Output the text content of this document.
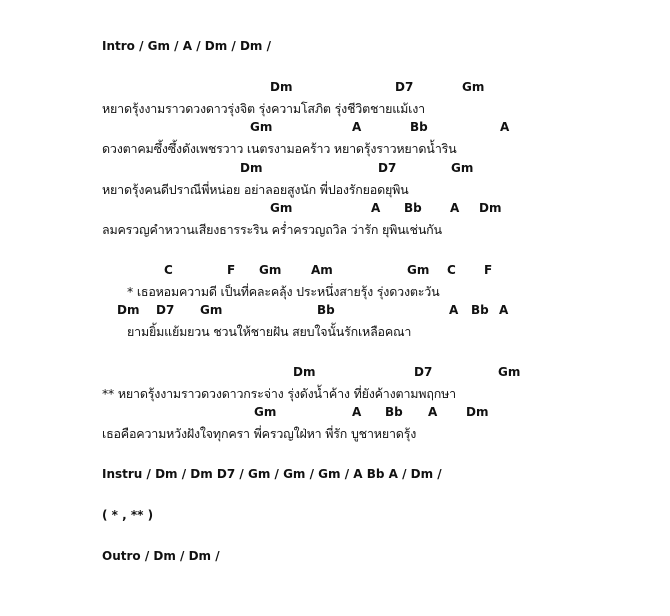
Intro / Gm / A / Dm / Dm /
Dm	D7	Gm
หยาดรุ้งงามราวดวงดาวรุ่งจิต รุ่งความโสภิต รุ่งชีวิตชายแม้เงา
Gm	A	Bb	A
ดวงตาคมซึ้งซึ้งดังเพชรวาว เนตรงามอคร้าว หยาดรุ้งราวหยาดน้ำริน
Dm	D7	Gm
หยาดรุ้งคนดีปราณีพี่หน่อย อย่าลอยสูงนัก พี่ปองรักยอดยุพิน
Gm	A Bb A Dm
ลมครวญคำหวานเสียงธารระริน คร่ำครวญถวิล ว่ารัก ยุพินเช่นกัน
C	F Gm Am	Gm C F
* เธอหอมความดี เป็นที่คละคลุ้ง ประหนึ่งสายรุ้ง รุ่งดวงตะวัน
Dm D7 Gm	Bb	A Bb A
ยามยิ้มแย้มยวน ชวนให้ชายฝัน สยบใจนั้นรักเหลือคณา
Dm	D7	Gm
** หยาดรุ้งงามราวดวงดาวกระจ่าง รุ่งดังน้ำค้าง ที่ยังค้างตามพฤกษา
Gm	A Bb A Dm
เธอคือความหวังฝังใจทุกครา พี่ครวญใฝ่หา พี่รัก บูชาหยาดรุ้ง
Instru / Dm / Dm D7 / Gm / Gm / Gm / A Bb A / Dm /
( * , ** )
Outro / Dm / Dm /
